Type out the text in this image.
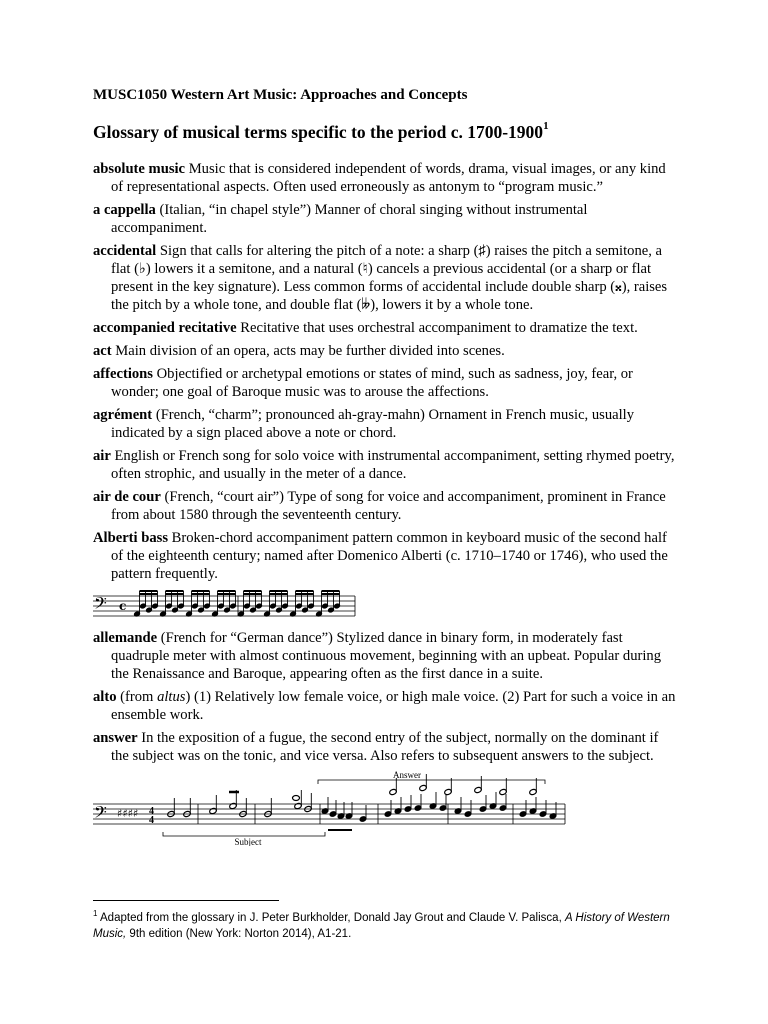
MUSC1050 Western Art Music: Approaches and Concepts
Glossary of musical terms specific to the period c. 1700-1900$^1$
absolute music Music that is considered independent of words, drama, visual images, or any kind of representational aspects. Often used erroneously as antonym to “program music.”
a cappella (Italian, “in chapel style”) Manner of choral singing without instrumental accompaniment.
accidental Sign that calls for altering the pitch of a note: a sharp (♯) raises the pitch a semitone, a flat (♭) lowers it a semitone, and a natural (♮) cancels a previous accidental (or a sharp or flat present in the key signature). Less common forms of accidental include double sharp (𝄪), raises the pitch by a whole tone, and double flat (𝄫), lowers it by a whole tone.
accompanied recitative Recitative that uses orchestral accompaniment to dramatize the text.
act Main division of an opera, acts may be further divided into scenes.
affections Objectified or archetypal emotions or states of mind, such as sadness, joy, fear, or wonder; one goal of Baroque music was to arouse the affections.
agrément (French, “charm”; pronounced ah-gray-mahn) Ornament in French music, usually indicated by a sign placed above a note or chord.
air English or French song for solo voice with instrumental accompaniment, setting rhymed poetry, often strophic, and usually in the meter of a dance.
air de cour (French, “court air”) Type of song for voice and accompaniment, prominent in France from about 1580 through the seventeenth century.
Alberti bass Broken-chord accompaniment pattern common in keyboard music of the second half of the eighteenth century; named after Domenico Alberti (c. 1710–1740 or 1746), who used the pattern frequently.
𝄢 c
allemande (French for “German dance”) Stylized dance in binary form, in moderately fast quadruple meter with almost continuous movement, beginning with an upbeat. Popular during the Renaissance and Baroque, appearing often as the first dance in a suite.
alto (from altus) (1) Relatively low female voice, or high male voice. (2) Part for such a voice in an ensemble work.
answer In the exposition of a fugue, the second entry of the subject, normally on the dominant if the subject was on the tonic, and vice versa. Also refers to subsequent answers to the subject.
Answer
Subject
𝄢 ♯♯♯♯ 4
4
$^1$ Adapted from the glossary in J. Peter Burkholder, Donald Jay Grout and Claude V. Palisca, A History of Western Music, 9th edition (New York: Norton 2014), A1-21.
